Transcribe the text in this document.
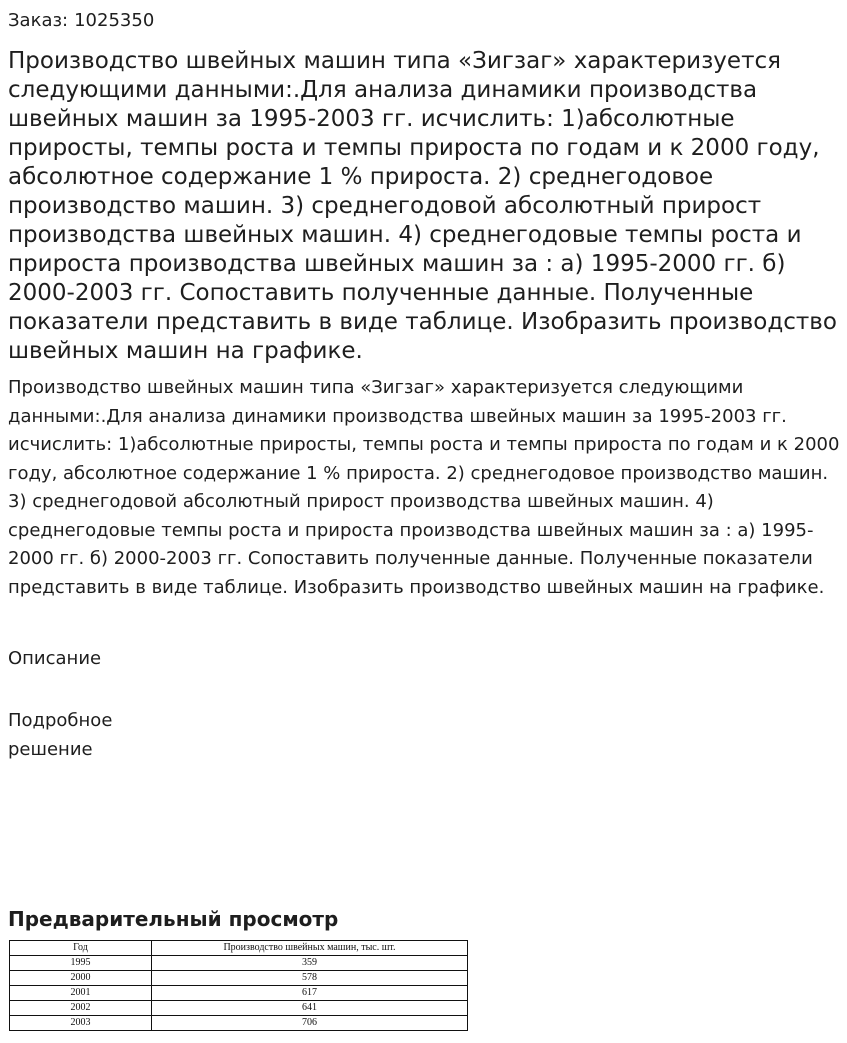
Заказ: 1025350

Производство швейных машин типа «Зигзаг» характеризуется следующими данными:.Для анализа динамики производства швейных машин за 1995-2003 гг. исчислить: 1)абсолютные приросты, темпы роста и темпы прироста по годам и к 2000 году, абсолютное содержание 1 % прироста. 2) среднегодовое производство машин. 3) среднегодовой абсолютный прирост производства швейных машин. 4) среднегодовые темпы роста и прироста производства швейных машин за : а) 1995-2000 гг. б) 2000-2003 гг. Сопоставить полученные данные. Полученные показатели представить в виде таблице. Изобразить производство швейных машин на графике.

Производство швейных машин типа «Зигзаг» характеризуется следующими данными:.Для анализа динамики производства швейных машин за 1995-2003 гг. исчислить: 1)абсолютные приросты, темпы роста и темпы прироста по годам и к 2000 году, абсолютное содержание 1 % прироста. 2) среднегодовое производство машин. 3) среднегодовой абсолютный прирост производства швейных машин. 4) среднегодовые темпы роста и прироста производства швейных машин за : а) 1995-2000 гг. б) 2000-2003 гг. Сопоставить полученные данные. Полученные показатели представить в виде таблице. Изобразить производство швейных машин на графике.

Описание

Подробное решение

Предварительный просмотр
Год	Производство швейных машин, тыс. шт.
1995	359
2000	578
2001	617
2002	641
2003	706
